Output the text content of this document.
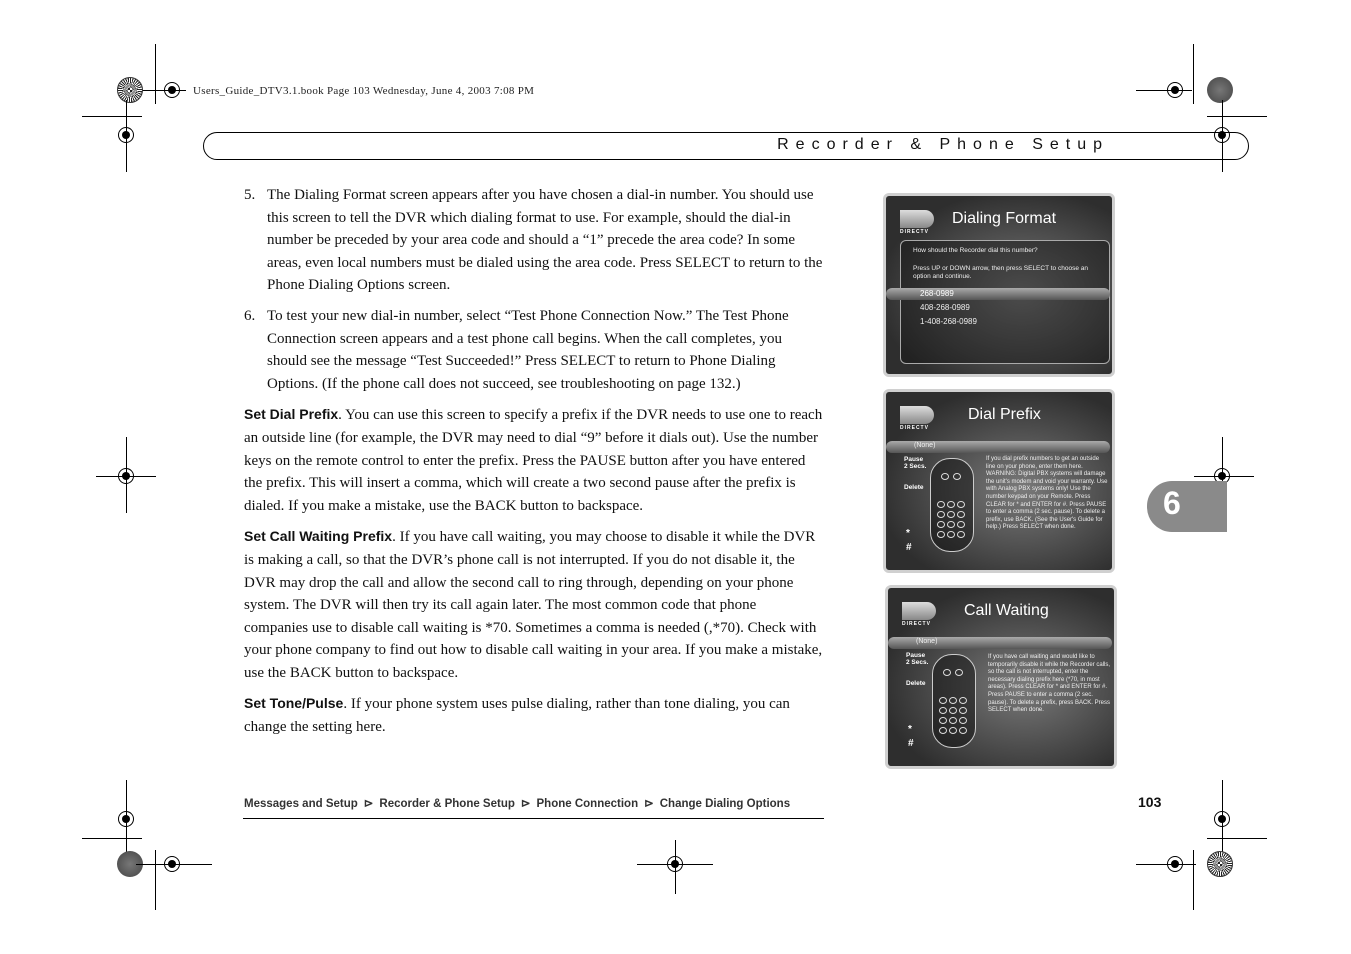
Users_Guide_DTV3.1.book Page 103 Wednesday, June 4, 2003 7:08 PM
Recorder & Phone Setup

5. The Dialing Format screen appears after you have chosen a dial-in number. You should use this screen to tell the DVR which dialing format to use. For example, should the dial-in number be preceded by your area code and should a “1” precede the area code? In some areas, even local numbers must be dialed using the area code. Press SELECT to return to the Phone Dialing Options screen.

6. To test your new dial-in number, select “Test Phone Connection Now.” The Test Phone Connection screen appears and a test phone call begins. When the call completes, you should see the message “Test Succeeded!” Press SELECT to return to Phone Dialing Options. (If the phone call does not succeed, see troubleshooting on page 132.)

Set Dial Prefix. You can use this screen to specify a prefix if the DVR needs to use one to reach an outside line (for example, the DVR may need to dial “9” before it dials out). Use the number keys on the remote control to enter the prefix. Press the PAUSE button after you have entered the prefix. This will insert a comma, which will create a two second pause after the prefix is dialed. If you make a mistake, use the BACK button to backspace.

Set Call Waiting Prefix. If you have call waiting, you may choose to disable it while the DVR is making a call, so that the DVR’s phone call is not interrupted. If you do not disable it, the DVR may drop the call and allow the second call to ring through, depending on your phone system. The DVR will then try its call again later. The most common code that phone companies use to disable call waiting is *70. Sometimes a comma is needed (,*70). Check with your phone company to find out how to disable call waiting in your area. If you make a mistake, use the BACK button to backspace.

Set Tone/Pulse. If your phone system uses pulse dialing, rather than tone dialing, you can change the setting here.

DIRECTV
Dialing Format
How should the Recorder dial this number?
Press UP or DOWN arrow, then press SELECT to choose an option and continue.
268-0989
408-268-0989
1-408-268-0989
DIRECTV
Dial Prefix
(None)
Pause 2 Secs.
Delete
*
#
If you dial prefix numbers to get an outside line on your phone, enter them here. WARNING: Digital PBX systems will damage the unit's modem and void your warranty. Use with Analog PBX systems only! Use the number keypad on your Remote. Press CLEAR for * and ENTER for #. Press PAUSE to enter a comma (2 sec. pause). To delete a prefix, use BACK. (See the User's Guide for help.) Press SELECT when done.
DIRECTV
Call Waiting
(None)
Pause 2 Secs.
Delete
*
#
If you have call waiting and would like to temporarily disable it while the Recorder calls, so the call is not interrupted, enter the necessary dialing prefix here (*70, in most areas). Press CLEAR for * and ENTER for #. Press PAUSE to enter a comma (2 sec. pause). To delete a prefix, press BACK. Press SELECT when done.
6
Messages and Setup ⊳ Recorder & Phone Setup ⊳ Phone Connection ⊳ Change Dialing Options	103
